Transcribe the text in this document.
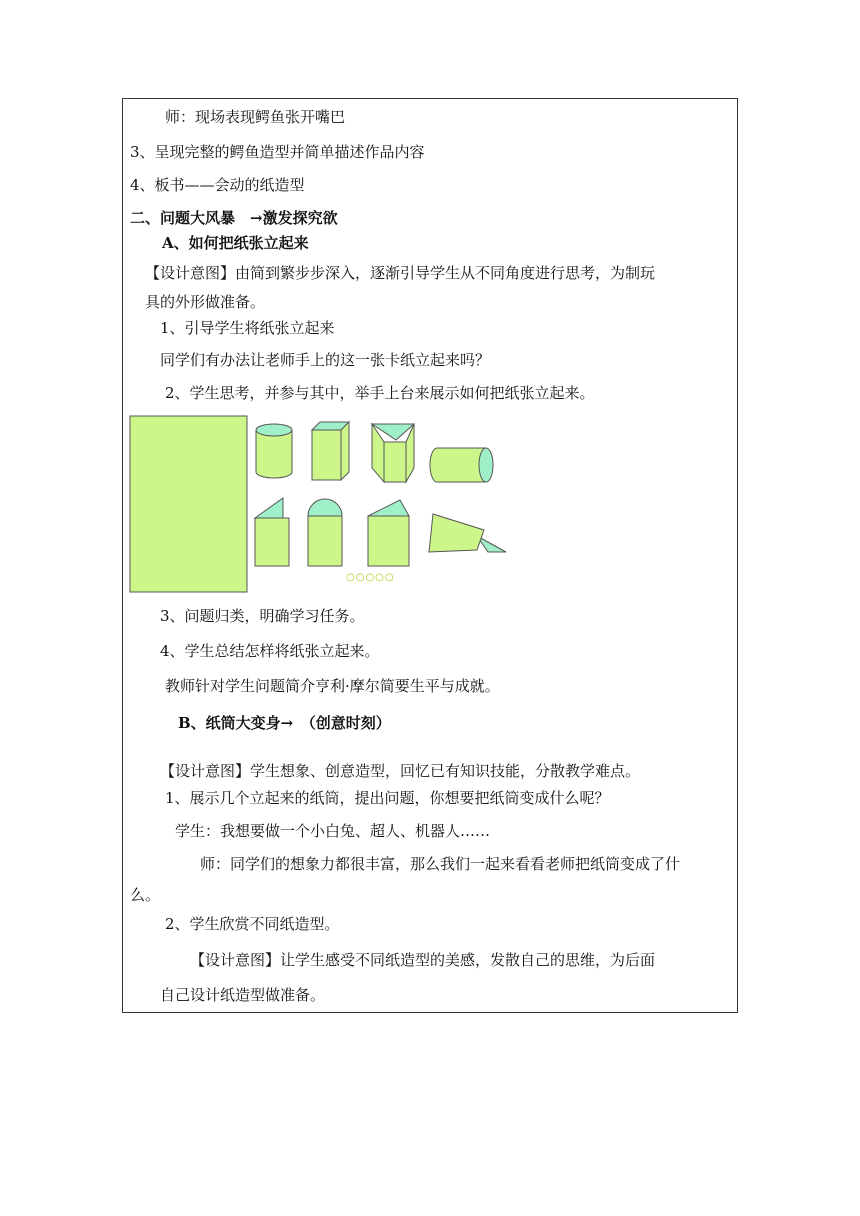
师：现场表现鳄鱼张开嘴巴
3、呈现完整的鳄鱼造型并简单描述作品内容
4、板书——会动的纸造型
二、问题大风暴　→激发探究欲
A、如何把纸张立起来
【设计意图】由简到繁步步深入，逐渐引导学生从不同角度进行思考，为制玩
具的外形做准备。
1、引导学生将纸张立起来
同学们有办法让老师手上的这一张卡纸立起来吗？
2、学生思考，并参与其中，举手上台来展示如何把纸张立起来。
○○○○○
3、问题归类，明确学习任务。
4、学生总结怎样将纸张立起来。
教师针对学生问题简介亨利·摩尔简要生平与成就。
B、纸筒大变身→　（创意时刻）
【设计意图】学生想象、创意造型，回忆已有知识技能，分散教学难点。
1、展示几个立起来的纸筒，提出问题，你想要把纸筒变成什么呢？
学生：我想要做一个小白兔、超人、机器人……
师：同学们的想象力都很丰富，那么我们一起来看看老师把纸筒变成了什
么。
2、学生欣赏不同纸造型。
【设计意图】让学生感受不同纸造型的美感，发散自己的思维，为后面
自己设计纸造型做准备。
